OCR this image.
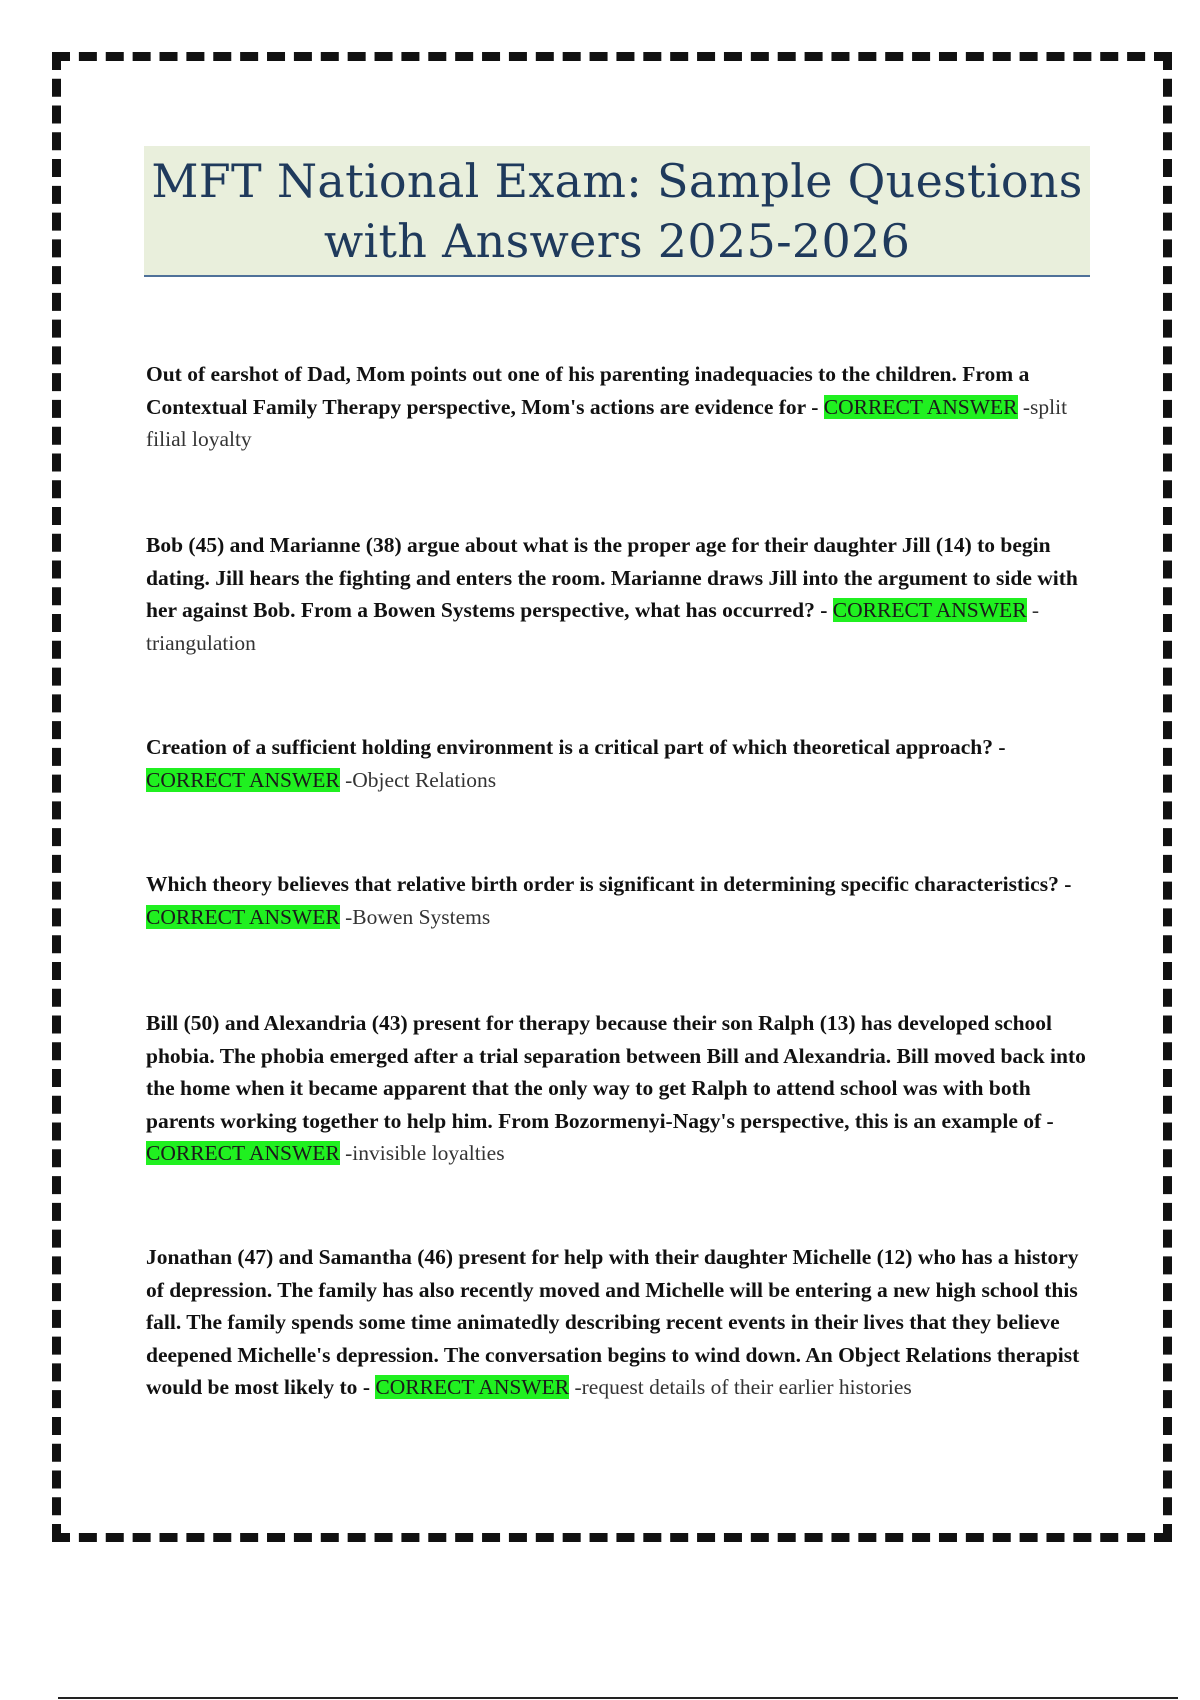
MFT National Exam: Sample Questions with Answers 2025-2026
Out of earshot of Dad, Mom points out one of his parenting inadequacies to the children. From a Contextual Family Therapy perspective, Mom's actions are evidence for - CORRECT ANSWER -split filial loyalty
Bob (45) and Marianne (38) argue about what is the proper age for their daughter Jill (14) to begin dating. Jill hears the fighting and enters the room. Marianne draws Jill into the argument to side with her against Bob. From a Bowen Systems perspective, what has occurred? - CORRECT ANSWER - triangulation
Creation of a sufficient holding environment is a critical part of which theoretical approach? - CORRECT ANSWER -Object Relations
Which theory believes that relative birth order is significant in determining specific characteristics? - CORRECT ANSWER -Bowen Systems
Bill (50) and Alexandria (43) present for therapy because their son Ralph (13) has developed school phobia. The phobia emerged after a trial separation between Bill and Alexandria. Bill moved back into the home when it became apparent that the only way to get Ralph to attend school was with both parents working together to help him. From Bozormenyi-Nagy's perspective, this is an example of - CORRECT ANSWER -invisible loyalties
Jonathan (47) and Samantha (46) present for help with their daughter Michelle (12) who has a history of depression. The family has also recently moved and Michelle will be entering a new high school this fall. The family spends some time animatedly describing recent events in their lives that they believe deepened Michelle's depression. The conversation begins to wind down. An Object Relations therapist would be most likely to - CORRECT ANSWER -request details of their earlier histories
